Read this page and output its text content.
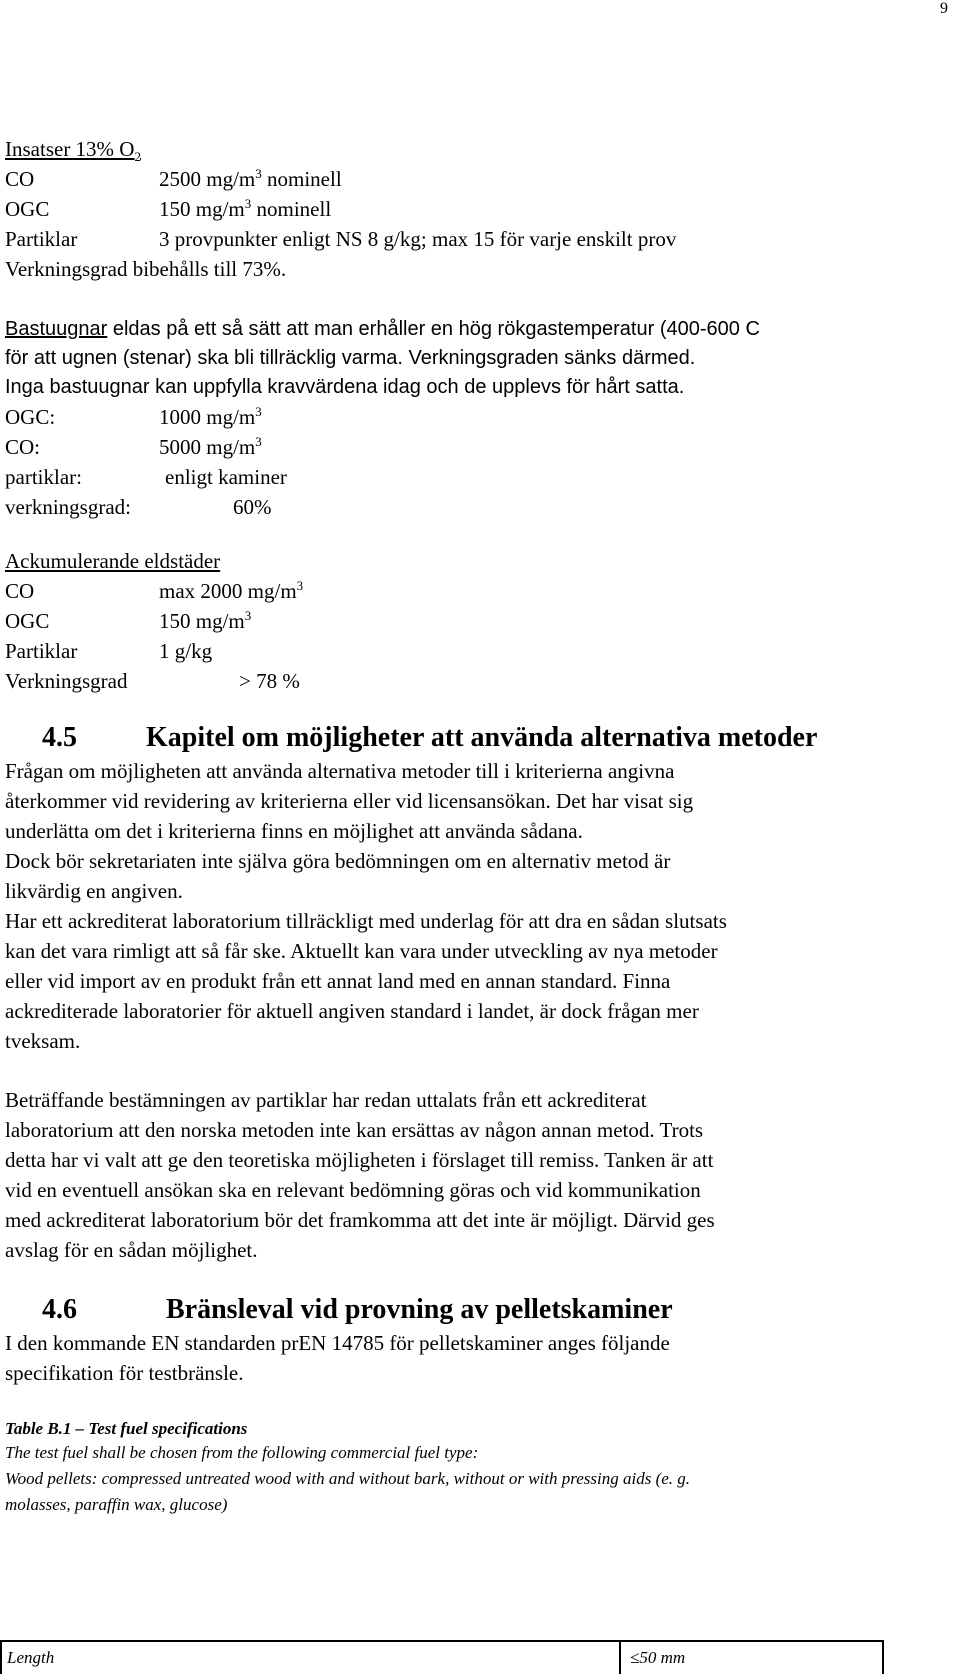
9
Insatser 13% $O_2$
CO	2500 $mg/m^3$ nominell
OGC	150 $mg/m^3$ nominell
Partiklar	3 provpunkter enligt NS 8 g/kg; max 15 för varje enskilt prov
Verkningsgrad bibehålls till 73%.
Bastuugnar eldas på ett så sätt att man erhåller en hög rökgastemperatur (400-600 C
för att ugnen (stenar) ska bli tillräcklig varma. Verkningsgraden sänks därmed.
Inga bastuugnar kan uppfylla kravvärdena idag och de upplevs för hårt satta.
OGC:	1000 $mg/m^3$
CO:	5000 $mg/m^3$
partiklar:	enligt kaminer
verkningsgrad:	60%
Ackumulerande eldstäder
CO	max 2000 $mg/m^3$
OGC	150 $mg/m^3$
Partiklar	1 g/kg
Verkningsgrad	> 78 %
4.5 Kapitel om möjligheter att använda alternativa metoder
Frågan om möjligheten att använda alternativa metoder till i kriterierna angivna
återkommer vid revidering av kriterierna eller vid licensansökan. Det har visat sig
underlätta om det i kriterierna finns en möjlighet att använda sådana.
Dock bör sekretariaten inte själva göra bedömningen om en alternativ metod är
likvärdig en angiven.
Har ett ackrediterat laboratorium tillräckligt med underlag för att dra en sådan slutsats
kan det vara rimligt att så får ske. Aktuellt kan vara under utveckling av nya metoder
eller vid import av en produkt från ett annat land med en annan standard. Finna
ackrediterade laboratorier för aktuell angiven standard i landet, är dock frågan mer
tveksam.
Beträffande bestämningen av partiklar har redan uttalats från ett ackrediterat
laboratorium att den norska metoden inte kan ersättas av någon annan metod. Trots
detta har vi valt att ge den teoretiska möjligheten i förslaget till remiss. Tanken är att
vid en eventuell ansökan ska en relevant bedömning göras och vid kommunikation
med ackrediterat laboratorium bör det framkomma att det inte är möjligt. Därvid ges
avslag för en sådan möjlighet.
4.6	Bränsleval vid provning av pelletskaminer
I den kommande EN standarden prEN 14785 för pelletskaminer anges följande
specifikation för testbränsle.
Table B.1 – Test fuel specifications
The test fuel shall be chosen from the following commercial fuel type:
Wood pellets: compressed untreated wood with and without bark, without or with pressing aids (e. g.
molasses, paraffin wax, glucose)
Length	≤50 mm
